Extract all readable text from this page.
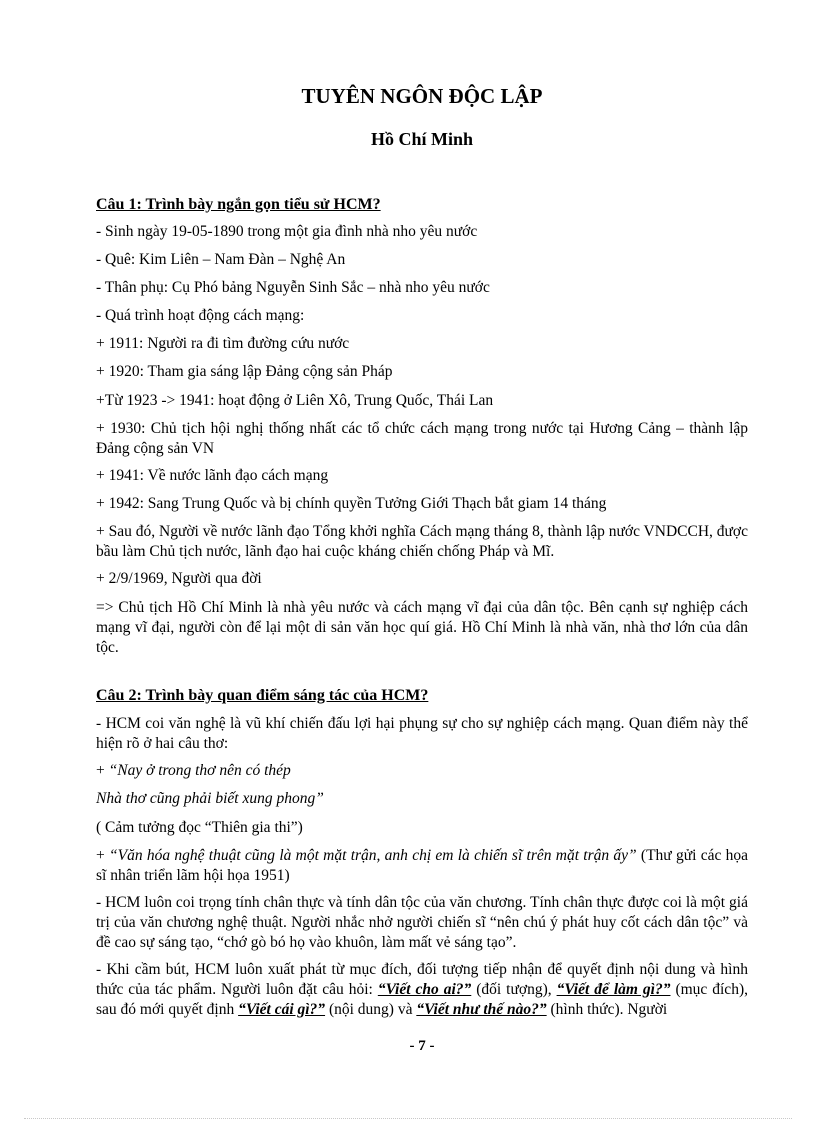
TUYÊN NGÔN ĐỘC LẬP
Hồ Chí Minh
Câu 1: Trình bày ngắn gọn tiểu sử HCM?
- Sinh ngày 19-05-1890 trong một gia đình nhà nho yêu nước
- Quê: Kim Liên – Nam Đàn – Nghệ An
- Thân phụ: Cụ Phó bảng Nguyễn Sinh Sắc – nhà nho yêu nước
- Quá trình hoạt động cách mạng:
+ 1911: Người ra đi tìm đường cứu nước
+ 1920: Tham gia sáng lập Đảng cộng sản Pháp
+Từ 1923 -> 1941: hoạt động ở Liên Xô, Trung Quốc, Thái Lan
+ 1930: Chủ tịch hội nghị thống nhất các tổ chức cách mạng trong nước tại Hương Cảng – thành lập Đảng cộng sản VN
+ 1941: Về nước lãnh đạo cách mạng
+ 1942: Sang Trung Quốc và bị chính quyền Tưởng Giới Thạch bắt giam 14 tháng
+ Sau đó, Người về nước lãnh đạo Tổng khởi nghĩa Cách mạng tháng 8, thành lập nước VNDCCH, được bầu làm Chủ tịch nước, lãnh đạo hai cuộc kháng chiến chống Pháp và Mĩ.
+ 2/9/1969, Người qua đời
=> Chủ tịch Hồ Chí Minh là nhà yêu nước và cách mạng vĩ đại của dân tộc. Bên cạnh sự nghiệp cách mạng vĩ đại, người còn để lại một di sản văn học quí giá. Hồ Chí Minh là nhà văn, nhà thơ lớn của dân tộc.
Câu 2: Trình bày quan điểm sáng tác của HCM?
- HCM coi văn nghệ là vũ khí chiến đấu lợi hại phụng sự cho sự nghiệp cách mạng. Quan điểm này thể hiện rõ ở hai câu thơ:
+ “Nay ở trong thơ nên có thép
Nhà thơ cũng phải biết xung phong”
( Cảm tưởng đọc “Thiên gia thi”)
+ “Văn hóa nghệ thuật cũng là một mặt trận, anh chị em là chiến sĩ trên mặt trận ấy” (Thư gửi các họa sĩ nhân triển lãm hội họa 1951)
- HCM luôn coi trọng tính chân thực và tính dân tộc của văn chương. Tính chân thực được coi là một giá trị của văn chương nghệ thuật. Người nhắc nhở người chiến sĩ “nên chú ý phát huy cốt cách dân tộc” và đề cao sự sáng tạo, “chớ gò bó họ vào khuôn, làm mất vẻ sáng tạo”.
- Khi cầm bút, HCM luôn xuất phát từ mục đích, đối tượng tiếp nhận để quyết định nội dung và hình thức của tác phẩm. Người luôn đặt câu hỏi: “Viết cho ai?” (đối tượng), “Viết để làm gì?” (mục đích), sau đó mới quyết định “Viết cái gì?” (nội dung) và “Viết như thế nào?” (hình thức). Người
- 7 -
